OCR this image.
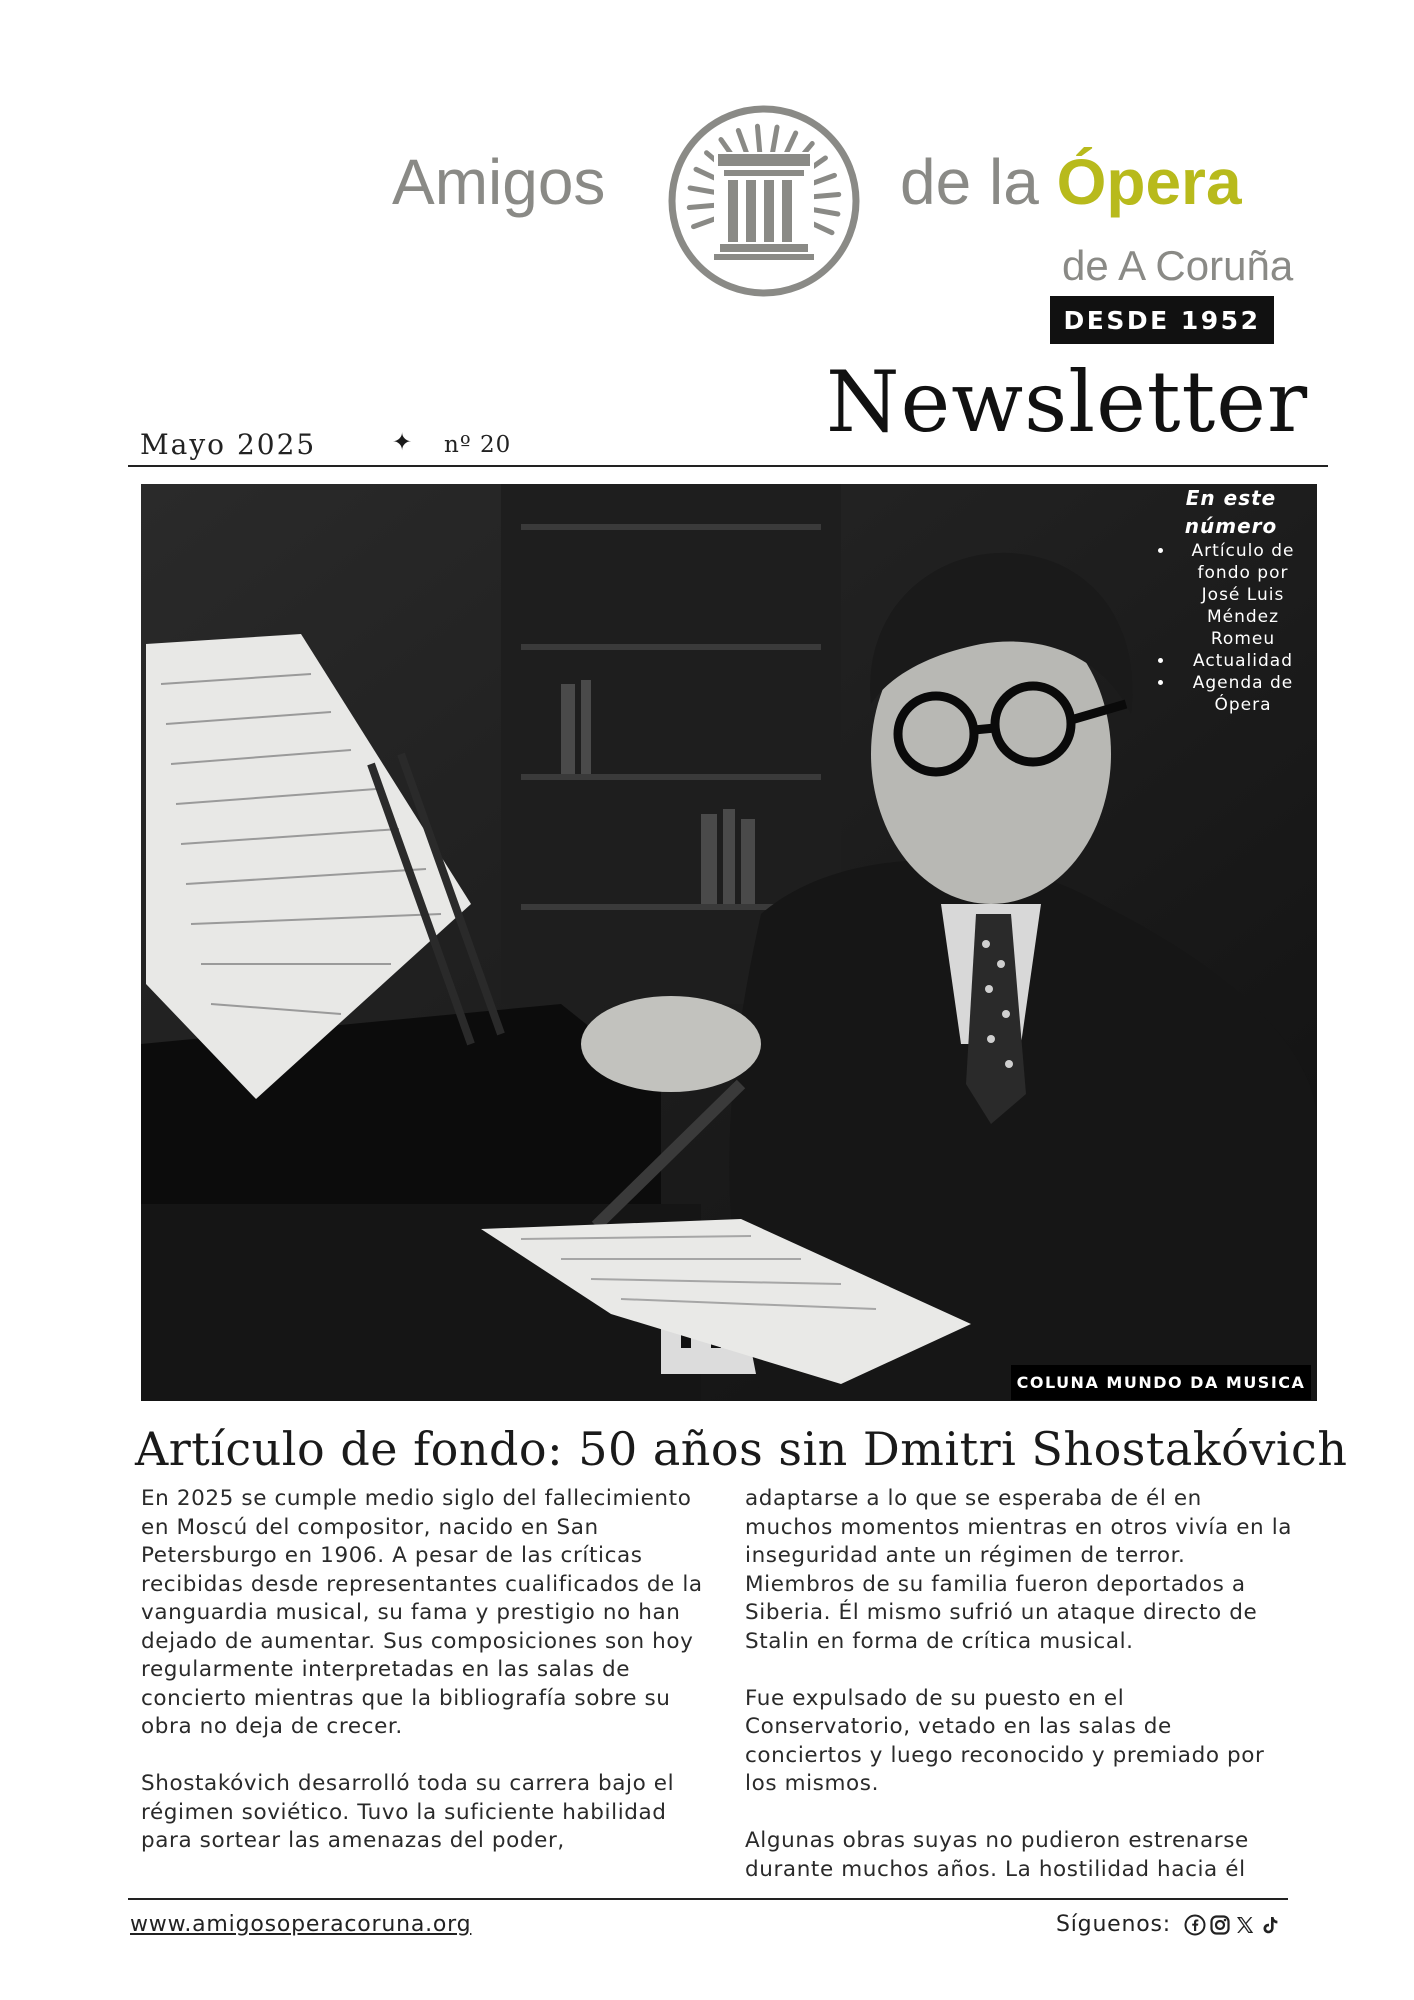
Amigos	de la Ópera
de A Coruña
DESDE 1952
Newsletter
Mayo 2025	✦ nº 20
En este
número
• Artículo de fondo por José Luis Méndez Romeu
• Actualidad
• Agenda de Ópera
COLUNA MUNDO DA MUSICA
Artículo de fondo: 50 años sin Dmitri Shostakóvich

En 2025 se cumple medio siglo del fallecimiento en Moscú del compositor, nacido en San Petersburgo en 1906. A pesar de las críticas recibidas desde representantes cualificados de la vanguardia musical, su fama y prestigio no han dejado de aumentar. Sus composiciones son hoy regularmente interpretadas en las salas de concierto mientras que la bibliografía sobre su obra no deja de crecer.

Shostakóvich desarrolló toda su carrera bajo el régimen soviético. Tuvo la suficiente habilidad para sortear las amenazas del poder,

adaptarse a lo que se esperaba de él en muchos momentos mientras en otros vivía en la inseguridad ante un régimen de terror. Miembros de su familia fueron deportados a Siberia. Él mismo sufrió un ataque directo de Stalin en forma de crítica musical.

Fue expulsado de su puesto en el Conservatorio, vetado en las salas de conciertos y luego reconocido y premiado por los mismos.

Algunas obras suyas no pudieron estrenarse durante muchos años. La hostilidad hacia él

www.amigosoperacoruna.org	Síguenos:
